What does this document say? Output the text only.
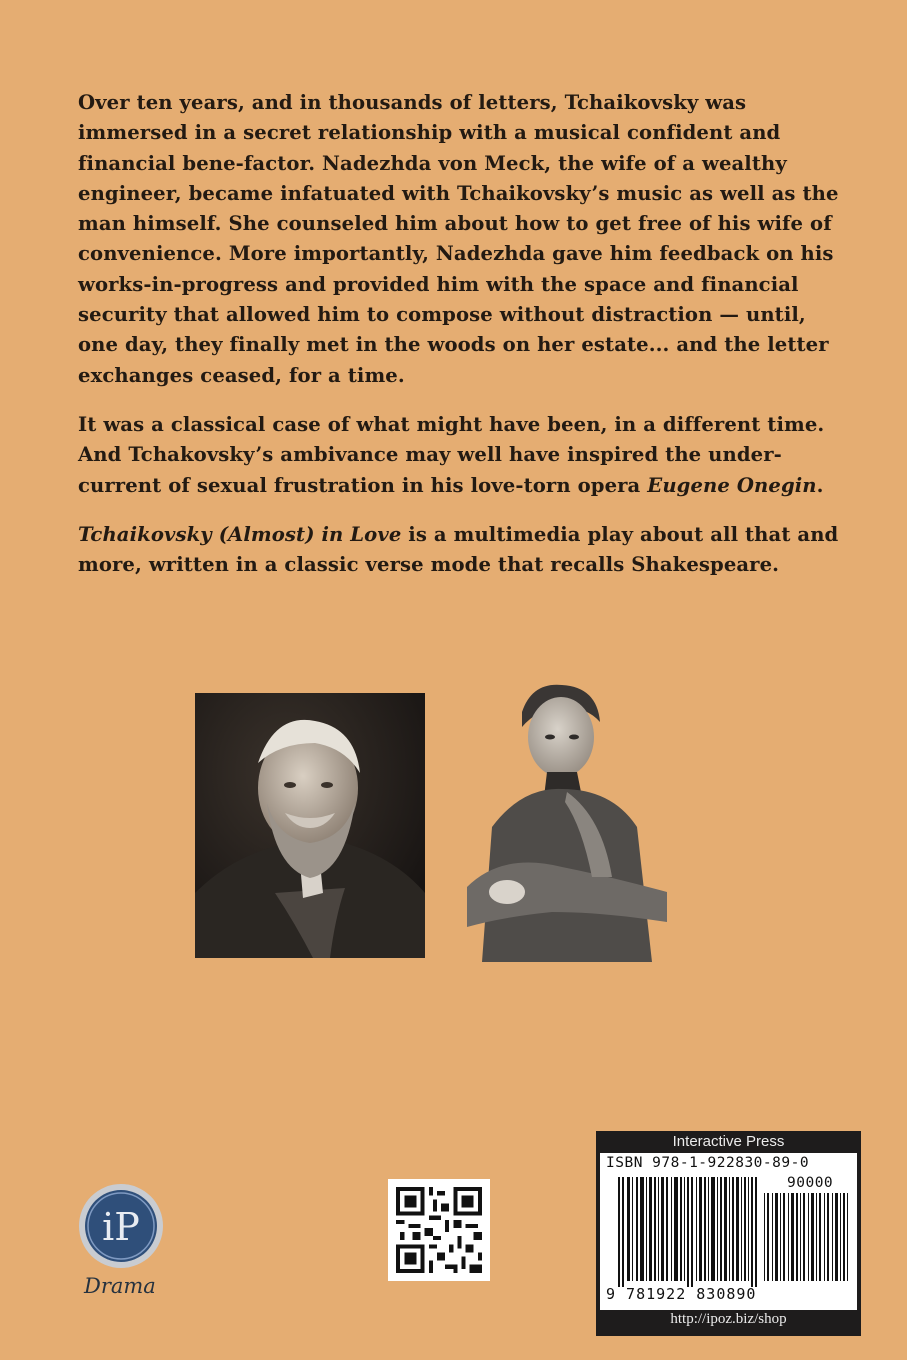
Over ten years, and in thousands of letters, Tchaikovsky was immersed in a secret relationship with a musical confident and financial bene-factor. Nadezhda von Meck, the wife of a wealthy engineer, became infatuated with Tchaikovsky’s music as well as the man himself. She counseled him about how to get free of his wife of convenience. More importantly, Nadezhda gave him feedback on his works-in-progress and provided him with the space and financial security that allowed him to compose without distraction — until, one day, they finally met in the woods on her estate... and the letter exchanges ceased, for a time.

It was a classical case of what might have been, in a different time. And Tchakovsky’s ambivance may well have inspired the under-current of sexual frustration in his love-torn opera Eugene Onegin.

Tchaikovsky (Almost) in Love is a multimedia play about all that and more, written in a classic verse mode that recalls Shakespeare.

iP
Drama
Interactive Press
ISBN 978-1-922830-89-0
90000
9 781922 830890
http://ipoz.biz/shop
